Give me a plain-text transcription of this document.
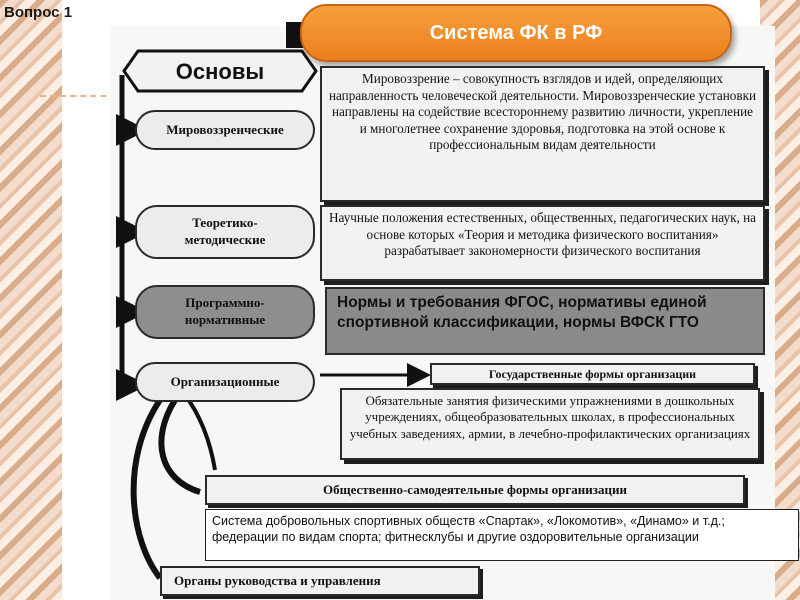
Вопрос 1
Система ФК в РФ
Основы
Мировоззренческие
Теоретико-
методические
Программно-
нормативные
Организационные
Мировоззрение – совокупность взглядов и идей, определяющих направленность человеческой деятельности. Мировоззренческие установки направлены на содействие всестороннему развитию личности, укрепление и многолетнее сохранение здоровья, подготовка на этой основе к профессиональным видам деятельности
Научные положения естественных, общественных, педагогических наук, на основе которых «Теория и методика физического воспитания» разрабатывает закономерности физического воспитания
Нормы и требования ФГОС, нормативы единой спортивной классификации, нормы ВФСК ГТО
Государственные формы организации
Обязательные занятия физическими упражнениями в дошкольных учреждениях, общеобразовательных школах, в профессиональных учебных заведениях, армии, в лечебно-профилактических организациях
Общественно-самодеятельные формы организации
Система добровольных спортивных обществ «Спартак», «Локомотив», «Динамо» и т.д.; федерации по видам спорта; фитнесклубы и другие оздоровительные организации
Органы руководства и управления
